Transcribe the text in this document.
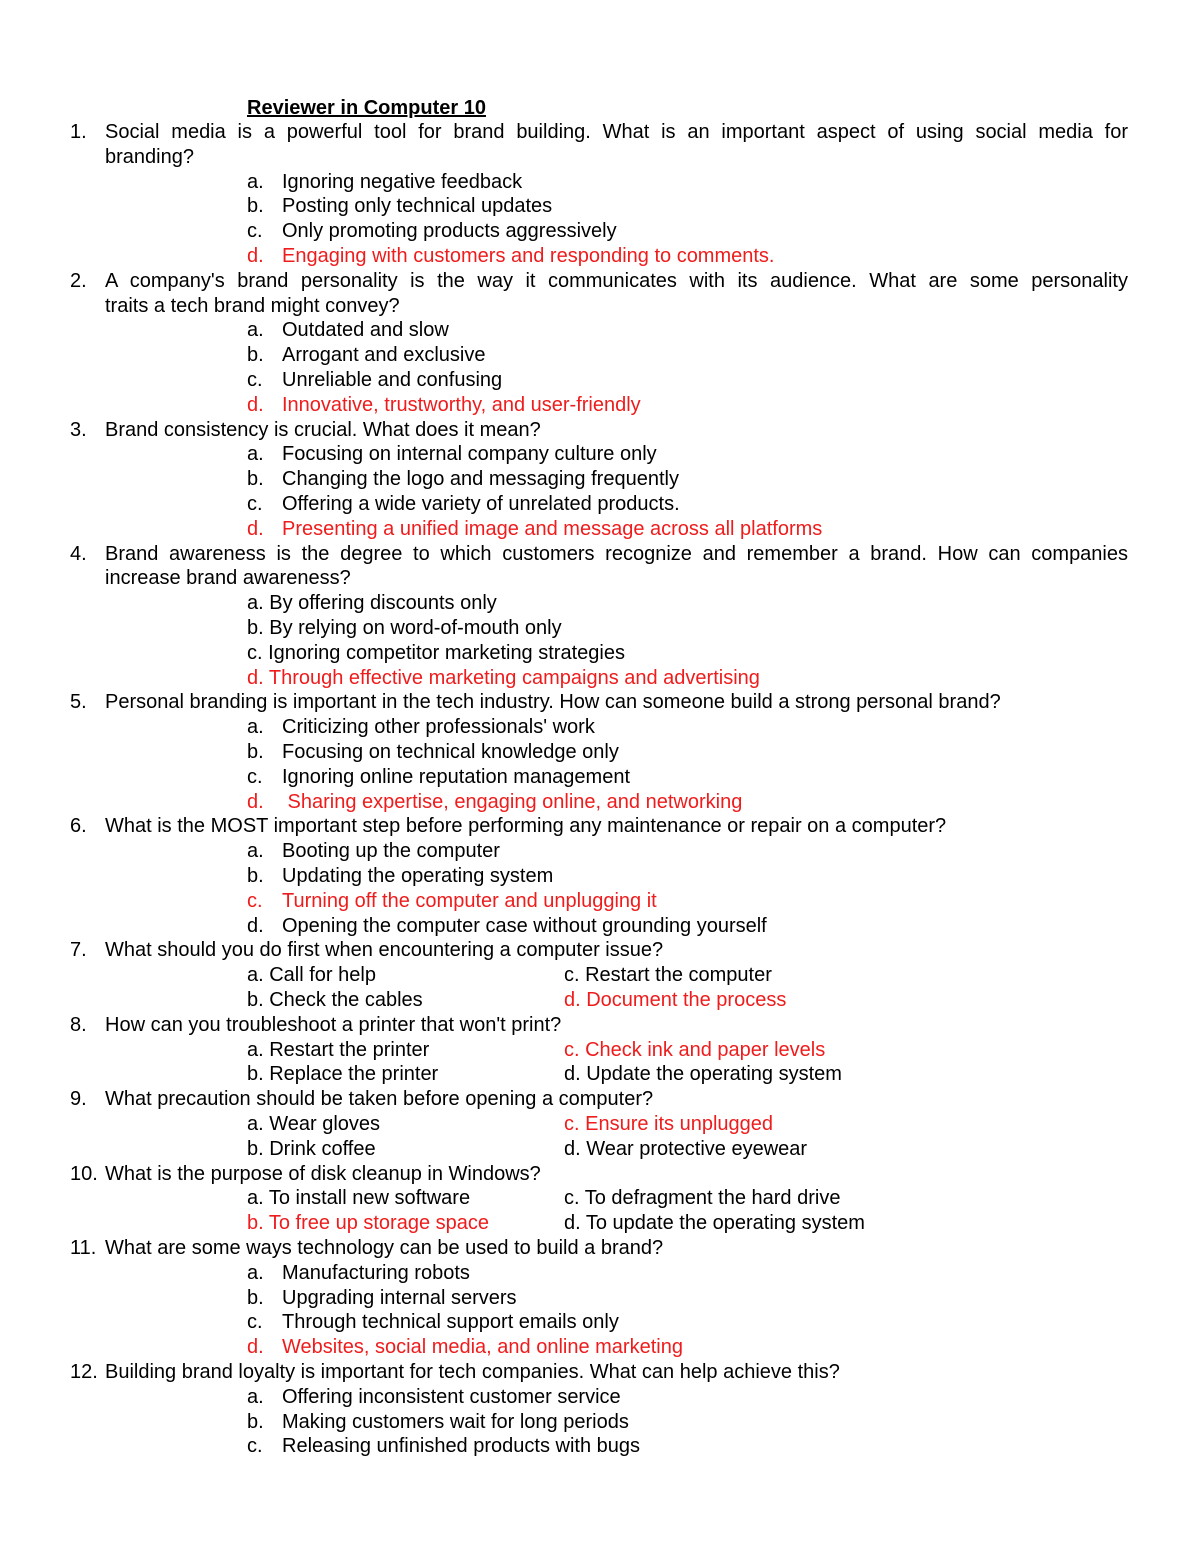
Reviewer in Computer 10
1. Social media is a powerful tool for brand building. What is an important aspect of using social media for
branding?
a. Ignoring negative feedback
b. Posting only technical updates
c. Only promoting products aggressively
d. Engaging with customers and responding to comments.
2. A company's brand personality is the way it communicates with its audience. What are some personality
traits a tech brand might convey?
a. Outdated and slow
b. Arrogant and exclusive
c. Unreliable and confusing
d. Innovative, trustworthy, and user-friendly
3. Brand consistency is crucial. What does it mean?
a. Focusing on internal company culture only
b. Changing the logo and messaging frequently
c. Offering a wide variety of unrelated products.
d. Presenting a unified image and message across all platforms
4. Brand awareness is the degree to which customers recognize and remember a brand. How can companies
increase brand awareness?
a. By offering discounts only
b. By relying on word-of-mouth only
c. Ignoring competitor marketing strategies
d. Through effective marketing campaigns and advertising
5. Personal branding is important in the tech industry. How can someone build a strong personal brand?
a. Criticizing other professionals' work
b. Focusing on technical knowledge only
c. Ignoring online reputation management
d. Sharing expertise, engaging online, and networking
6. What is the MOST important step before performing any maintenance or repair on a computer?
a. Booting up the computer
b. Updating the operating system
c. Turning off the computer and unplugging it
d. Opening the computer case without grounding yourself
7. What should you do first when encountering a computer issue?
a. Call for help	c. Restart the computer
b. Check the cables	d. Document the process
8. How can you troubleshoot a printer that won't print?
a. Restart the printer	c. Check ink and paper levels
b. Replace the printer	d. Update the operating system
9. What precaution should be taken before opening a computer?
a. Wear gloves	c. Ensure its unplugged
b. Drink coffee	d. Wear protective eyewear
10. What is the purpose of disk cleanup in Windows?
a. To install new software	c. To defragment the hard drive
b. To free up storage space	d. To update the operating system
11. What are some ways technology can be used to build a brand?
a. Manufacturing robots
b. Upgrading internal servers
c. Through technical support emails only
d. Websites, social media, and online marketing
12. Building brand loyalty is important for tech companies. What can help achieve this?
a. Offering inconsistent customer service
b. Making customers wait for long periods
c. Releasing unfinished products with bugs
